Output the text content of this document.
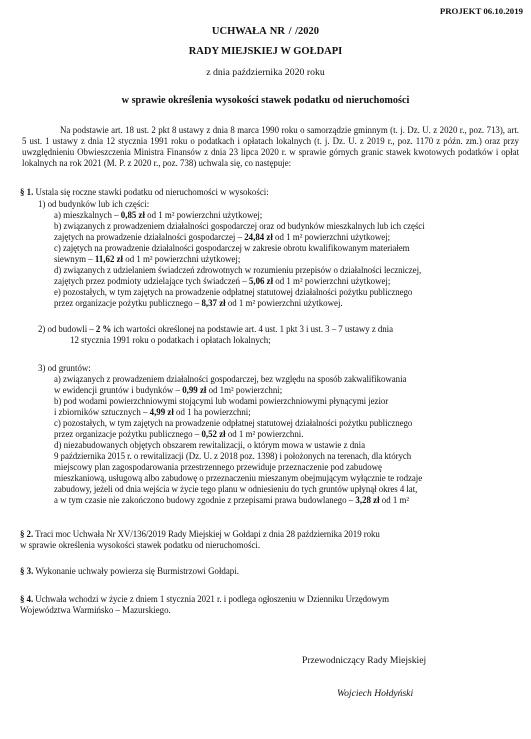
PROJEKT 06.10.2019
UCHWAŁA NR / /2020
RADY MIEJSKIEJ W GOŁDAPI
z dnia października 2020 roku
w sprawie określenia wysokości stawek podatku od nieruchomości
Na podstawie art. 18 ust. 2 pkt 8 ustawy z dnia 8 marca 1990 roku o samorządzie gminnym (t. j. Dz. U. z 2020 r., poz. 713), art. 5 ust. 1 ustawy z dnia 12 stycznia 1991 roku o podatkach i opłatach lokalnych (t. j. Dz. U. z 2019 r., poz. 1170 z późn. zm.) oraz przy uwzględnieniu Obwieszczenia Ministra Finansów z dnia 23 lipca 2020 r. w sprawie górnych granic stawek kwotowych podatków i opłat lokalnych na rok 2021 (M. P. z 2020 r., poz. 738) uchwala się, co następuje:
§ 1. Ustala się roczne stawki podatku od nieruchomości w wysokości:
1) od budynków lub ich części:
a) mieszkalnych – 0,85 zł od 1 m² powierzchni użytkowej;
b) związanych z prowadzeniem działalności gospodarczej oraz od budynków mieszkalnych lub ich części
zajętych na prowadzenie działalności gospodarczej – 24,84 zł od 1 m² powierzchni użytkowej;
c) zajętych na prowadzenie działalności gospodarczej w zakresie obrotu kwalifikowanym materiałem
siewnym – 11,62 zł od 1 m² powierzchni użytkowej;
d) związanych z udzielaniem świadczeń zdrowotnych w rozumieniu przepisów o działalności leczniczej,
zajętych przez podmioty udzielające tych świadczeń – 5,06 zł od 1 m² powierzchni użytkowej;
e) pozostałych, w tym zajętych na prowadzenie odpłatnej statutowej działalności pożytku publicznego
przez organizacje pożytku publicznego – 8,37 zł od 1 m² powierzchni użytkowej.
2) od budowli – 2 % ich wartości określonej na podstawie art. 4 ust. 1 pkt 3 i ust. 3 – 7 ustawy z dnia
12 stycznia 1991 roku o podatkach i opłatach lokalnych;
3) od gruntów:
a) związanych z prowadzeniem działalności gospodarczej, bez względu na sposób zakwalifikowania
w ewidencji gruntów i budynków – 0,99 zł od 1m² powierzchni;
b) pod wodami powierzchniowymi stojącymi lub wodami powierzchniowymi płynącymi jezior
i zbiorników sztucznych – 4,99 zł od 1 ha powierzchni;
c) pozostałych, w tym zajętych na prowadzenie odpłatnej statutowej działalności pożytku publicznego
przez organizacje pożytku publicznego – 0,52 zł od 1 m² powierzchni.
d) niezabudowanych objętych obszarem rewitalizacji, o którym mowa w ustawie z dnia
9 października 2015 r. o rewitalizacji (Dz. U. z 2018 poz. 1398) i położonych na terenach, dla których
miejscowy plan zagospodarowania przestrzennego przewiduje przeznaczenie pod zabudowę
mieszkaniową, usługową albo zabudowę o przeznaczeniu mieszanym obejmującym wyłącznie te rodzaje
zabudowy, jeżeli od dnia wejścia w życie tego planu w odniesieniu do tych gruntów upłynął okres 4 lat,
a w tym czasie nie zakończono budowy zgodnie z przepisami prawa budowlanego – 3,28 zł od 1 m²
§ 2. Traci moc Uchwała Nr XV/136/2019 Rady Miejskiej w Gołdapi z dnia 28 października 2019 roku
w sprawie określenia wysokości stawek podatku od nieruchomości.
§ 3. Wykonanie uchwały powierza się Burmistrzowi Gołdapi.
§ 4. Uchwała wchodzi w życie z dniem 1 stycznia 2021 r. i podlega ogłoszeniu w Dzienniku Urzędowym
Województwa Warmińsko – Mazurskiego.
Przewodniczący Rady Miejskiej
Wojciech Hołdyński
